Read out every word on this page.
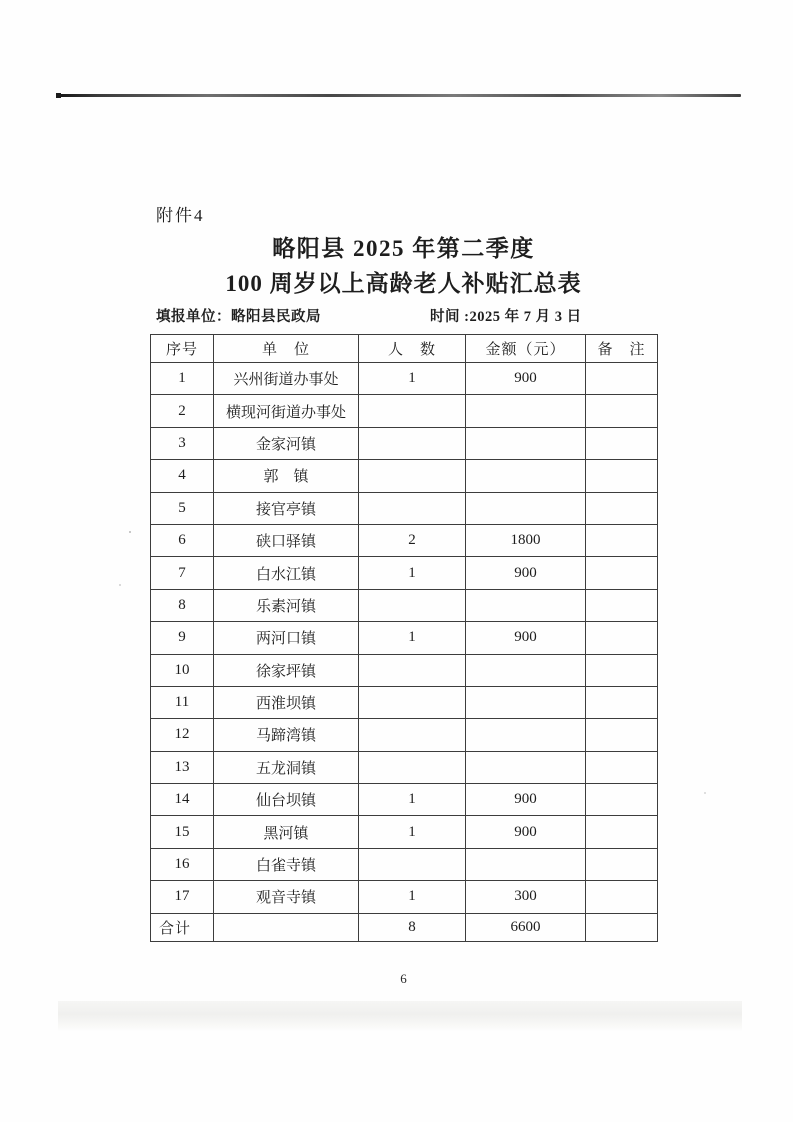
附件4
略阳县 2025 年第二季度
100 周岁以上高龄老人补贴汇总表
填报单位：略阳县民政局	时间 :2025 年 7 月 3 日
序号	单　位	人　数	金额（元）	备　注
1	兴州街道办事处	1	900	
2	横现河街道办事处			
3	金家河镇			
4	郭　镇			
5	接官亭镇			
6	硖口驿镇	2	1800	
7	白水江镇	1	900	
8	乐素河镇			
9	两河口镇	1	900	
10	徐家坪镇			
11	西淮坝镇			
12	马蹄湾镇			
13	五龙洞镇			
14	仙台坝镇	1	900	
15	黑河镇	1	900	
16	白雀寺镇			
17	观音寺镇	1	300	
合计		8	6600	
6
